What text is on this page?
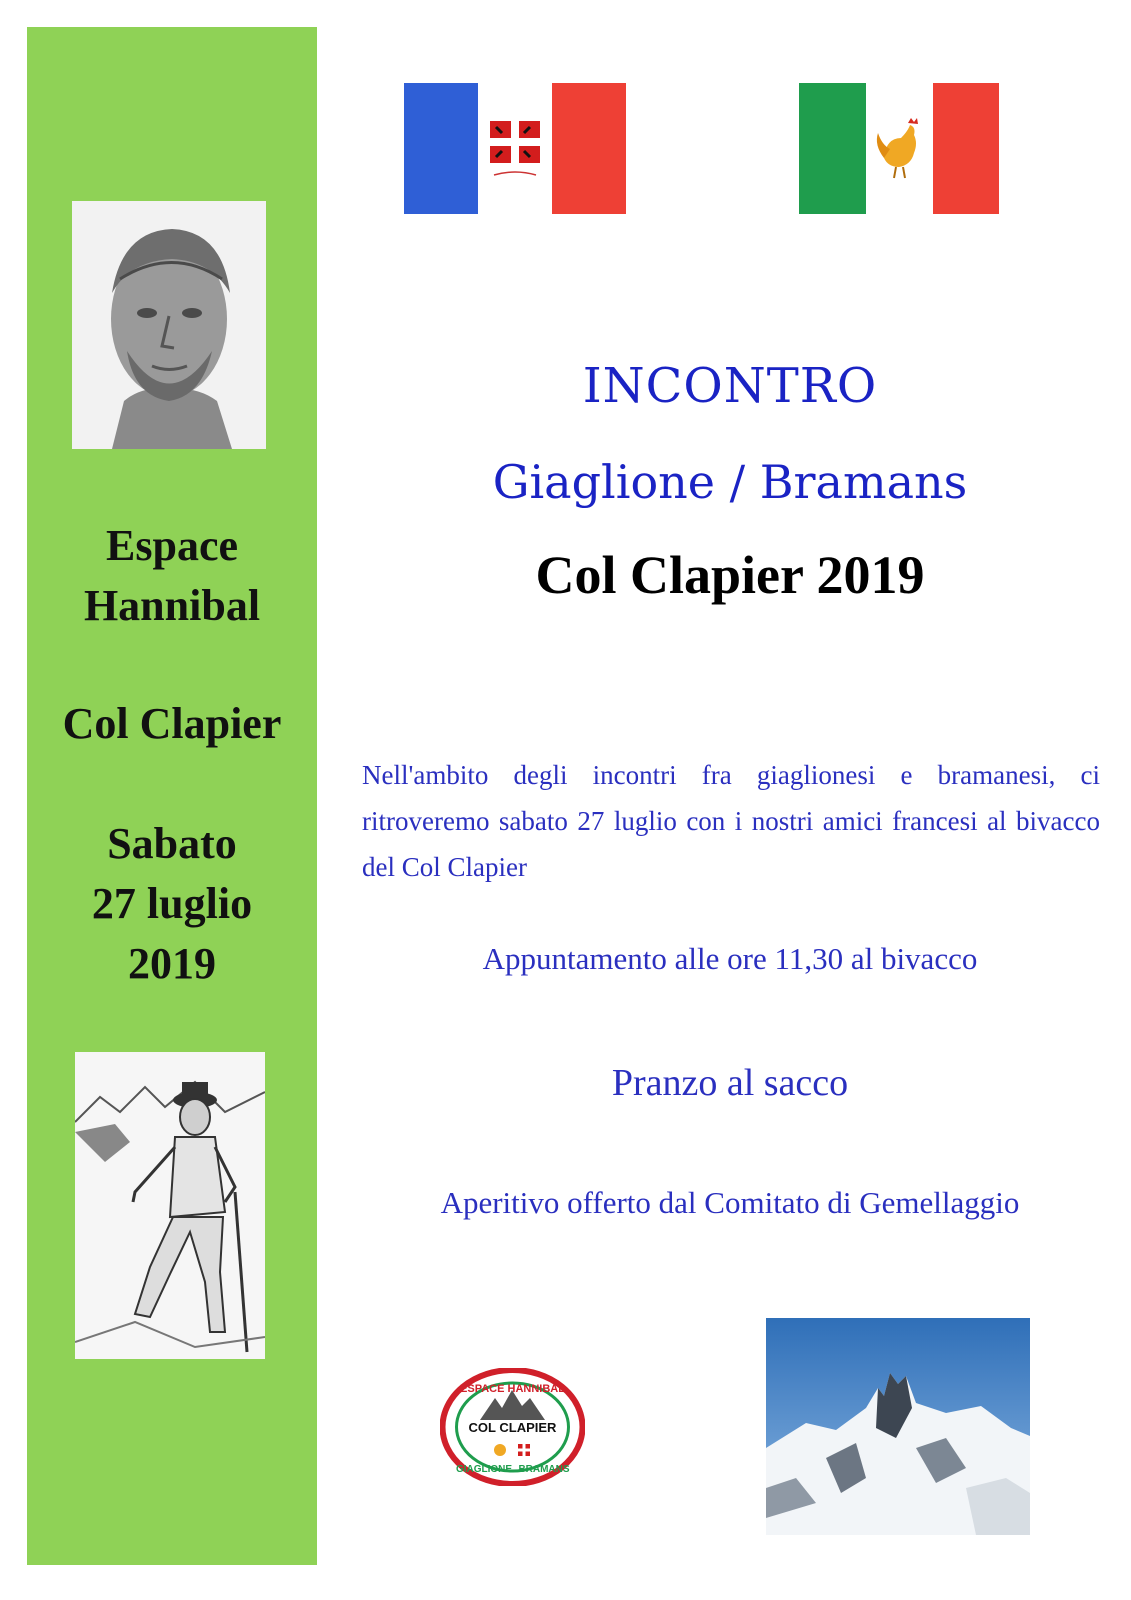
Espace
Hannibal
Col Clapier
Sabato
27 luglio
2019
INCONTRO
Giaglione / Bramans
Col Clapier 2019
Nell'ambito degli incontri fra giaglionesi e bramanesi, ci ritroveremo sabato 27 luglio con i nostri amici francesi al bivacco del Col Clapier
Appuntamento alle ore 11,30 al bivacco
Pranzo al sacco
Aperitivo offerto dal Comitato di Gemellaggio
ESPACE HANNIBAL
COL CLAPIER
GIAGLIONE BRAMANS
